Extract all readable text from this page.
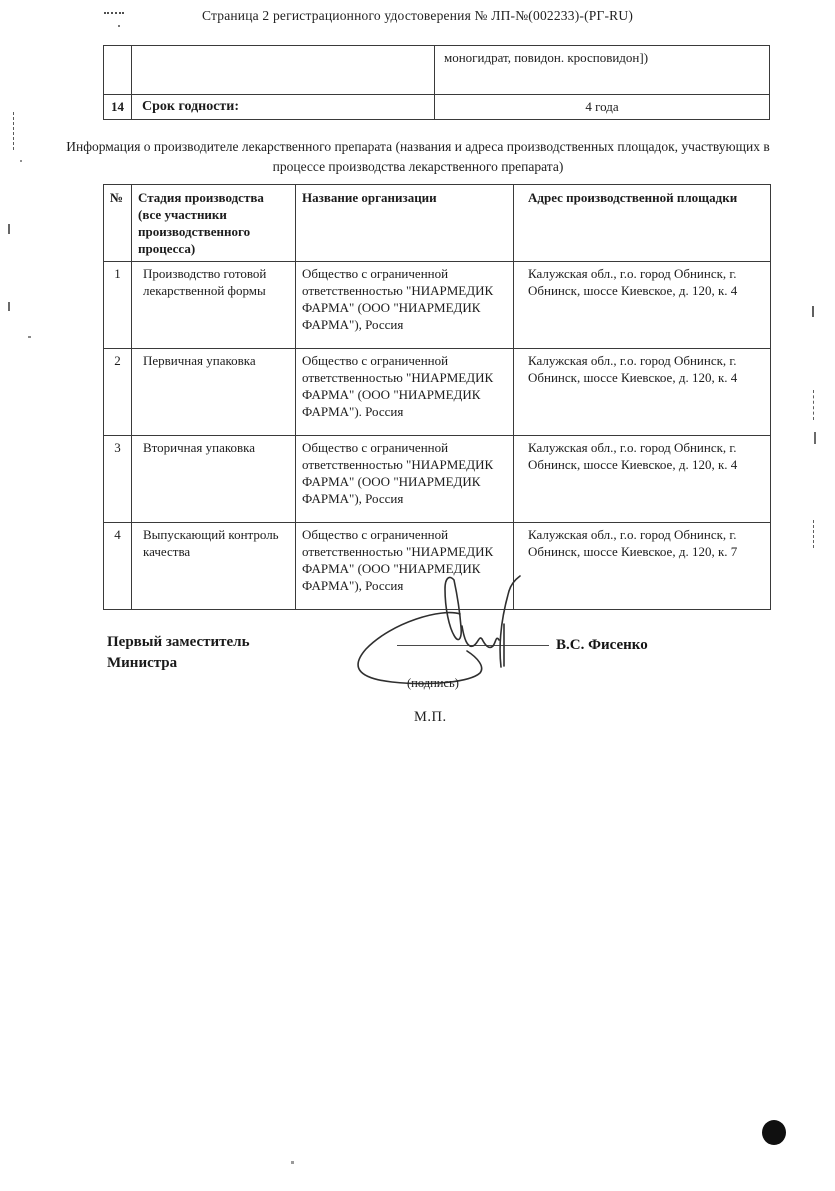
Страница 2 регистрационного удостоверения № ЛП-№(002233)-(РГ-RU)
		моногидрат, повидон. кросповидон])
14	Срок годности:	4 года
Информация о производителе лекарственного препарата (названия и адреса производственных площадок, участвующих в процессе производства лекарственного препарата)
№	Стадия производства (все участники производственного процесса)	Название организации	Адрес производственной площадки
1	Производство готовой лекарственной формы	Общество с ограниченной ответственностью "НИАРМЕДИК ФАРМА" (ООО "НИАРМЕДИК ФАРМА"), Россия	Калужская обл., г.о. город Обнинск, г. Обнинск, шоссе Киевское, д. 120, к. 4
2	Первичная упаковка	Общество с ограниченной ответственностью "НИАРМЕДИК ФАРМА" (ООО "НИАРМЕДИК ФАРМА"). Россия	Калужская обл., г.о. город Обнинск, г. Обнинск, шоссе Киевское, д. 120, к. 4
3	Вторичная упаковка	Общество с ограниченной ответственностью "НИАРМЕДИК ФАРМА" (ООО "НИАРМЕДИК ФАРМА"), Россия	Калужская обл., г.о. город Обнинск, г. Обнинск, шоссе Киевское, д. 120, к. 4
4	Выпускающий контроль качества	Общество с ограниченной ответственностью "НИАРМЕДИК ФАРМА" (ООО "НИАРМЕДИК ФАРМА"), Россия	Калужская обл., г.о. город Обнинск, г. Обнинск, шоссе Киевское, д. 120, к. 7
Первый заместитель Министра
(подпись)
В.С. Фисенко
М.П.
